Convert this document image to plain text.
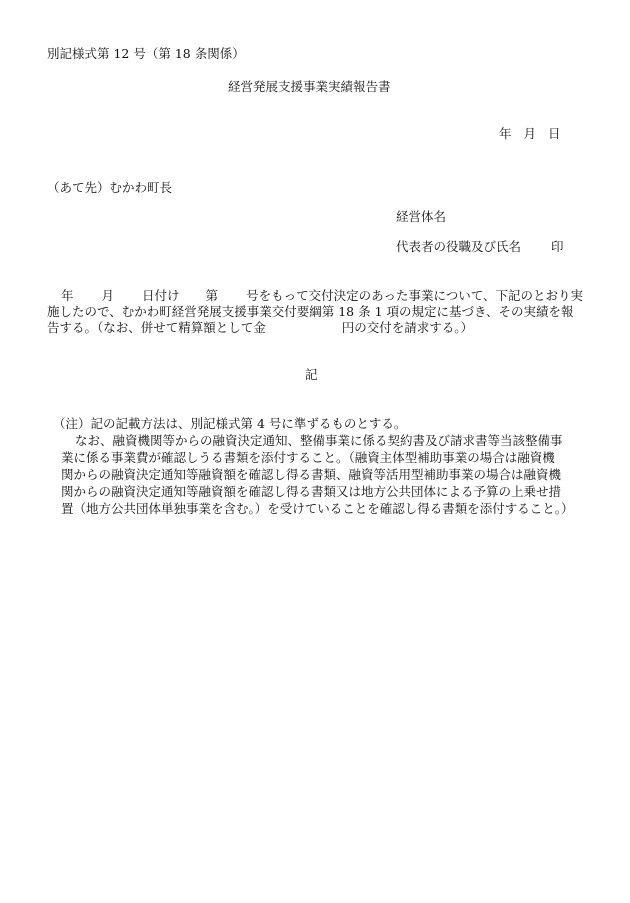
別記様式第 12 号（第 18 条関係）
経営発展支援事業実績報告書
年 月 日
（あて先）むかわ町長
経営体名
代表者の役職及び氏名 印
年 月 日付け 第 号をもって交付決定のあった事業について、下記のとおり実
施したので、むかわ町経営発展支援事業交付要綱第 18 条 1 項の規定に基づき、その実績を報
告する。（なお、併せて精算額として金	円の交付を請求する。）
記
（注）記の記載方法は、別記様式第 4 号に準ずるものとする。
なお、融資機関等からの融資決定通知、整備事業に係る契約書及び請求書等当該整備事
業に係る事業費が確認しうる書類を添付すること。（融資主体型補助事業の場合は融資機
関からの融資決定通知等融資額を確認し得る書類、融資等活用型補助事業の場合は融資機
関からの融資決定通知等融資額を確認し得る書類又は地方公共団体による予算の上乗せ措
置（地方公共団体単独事業を含む。）を受けていることを確認し得る書類を添付すること。）
